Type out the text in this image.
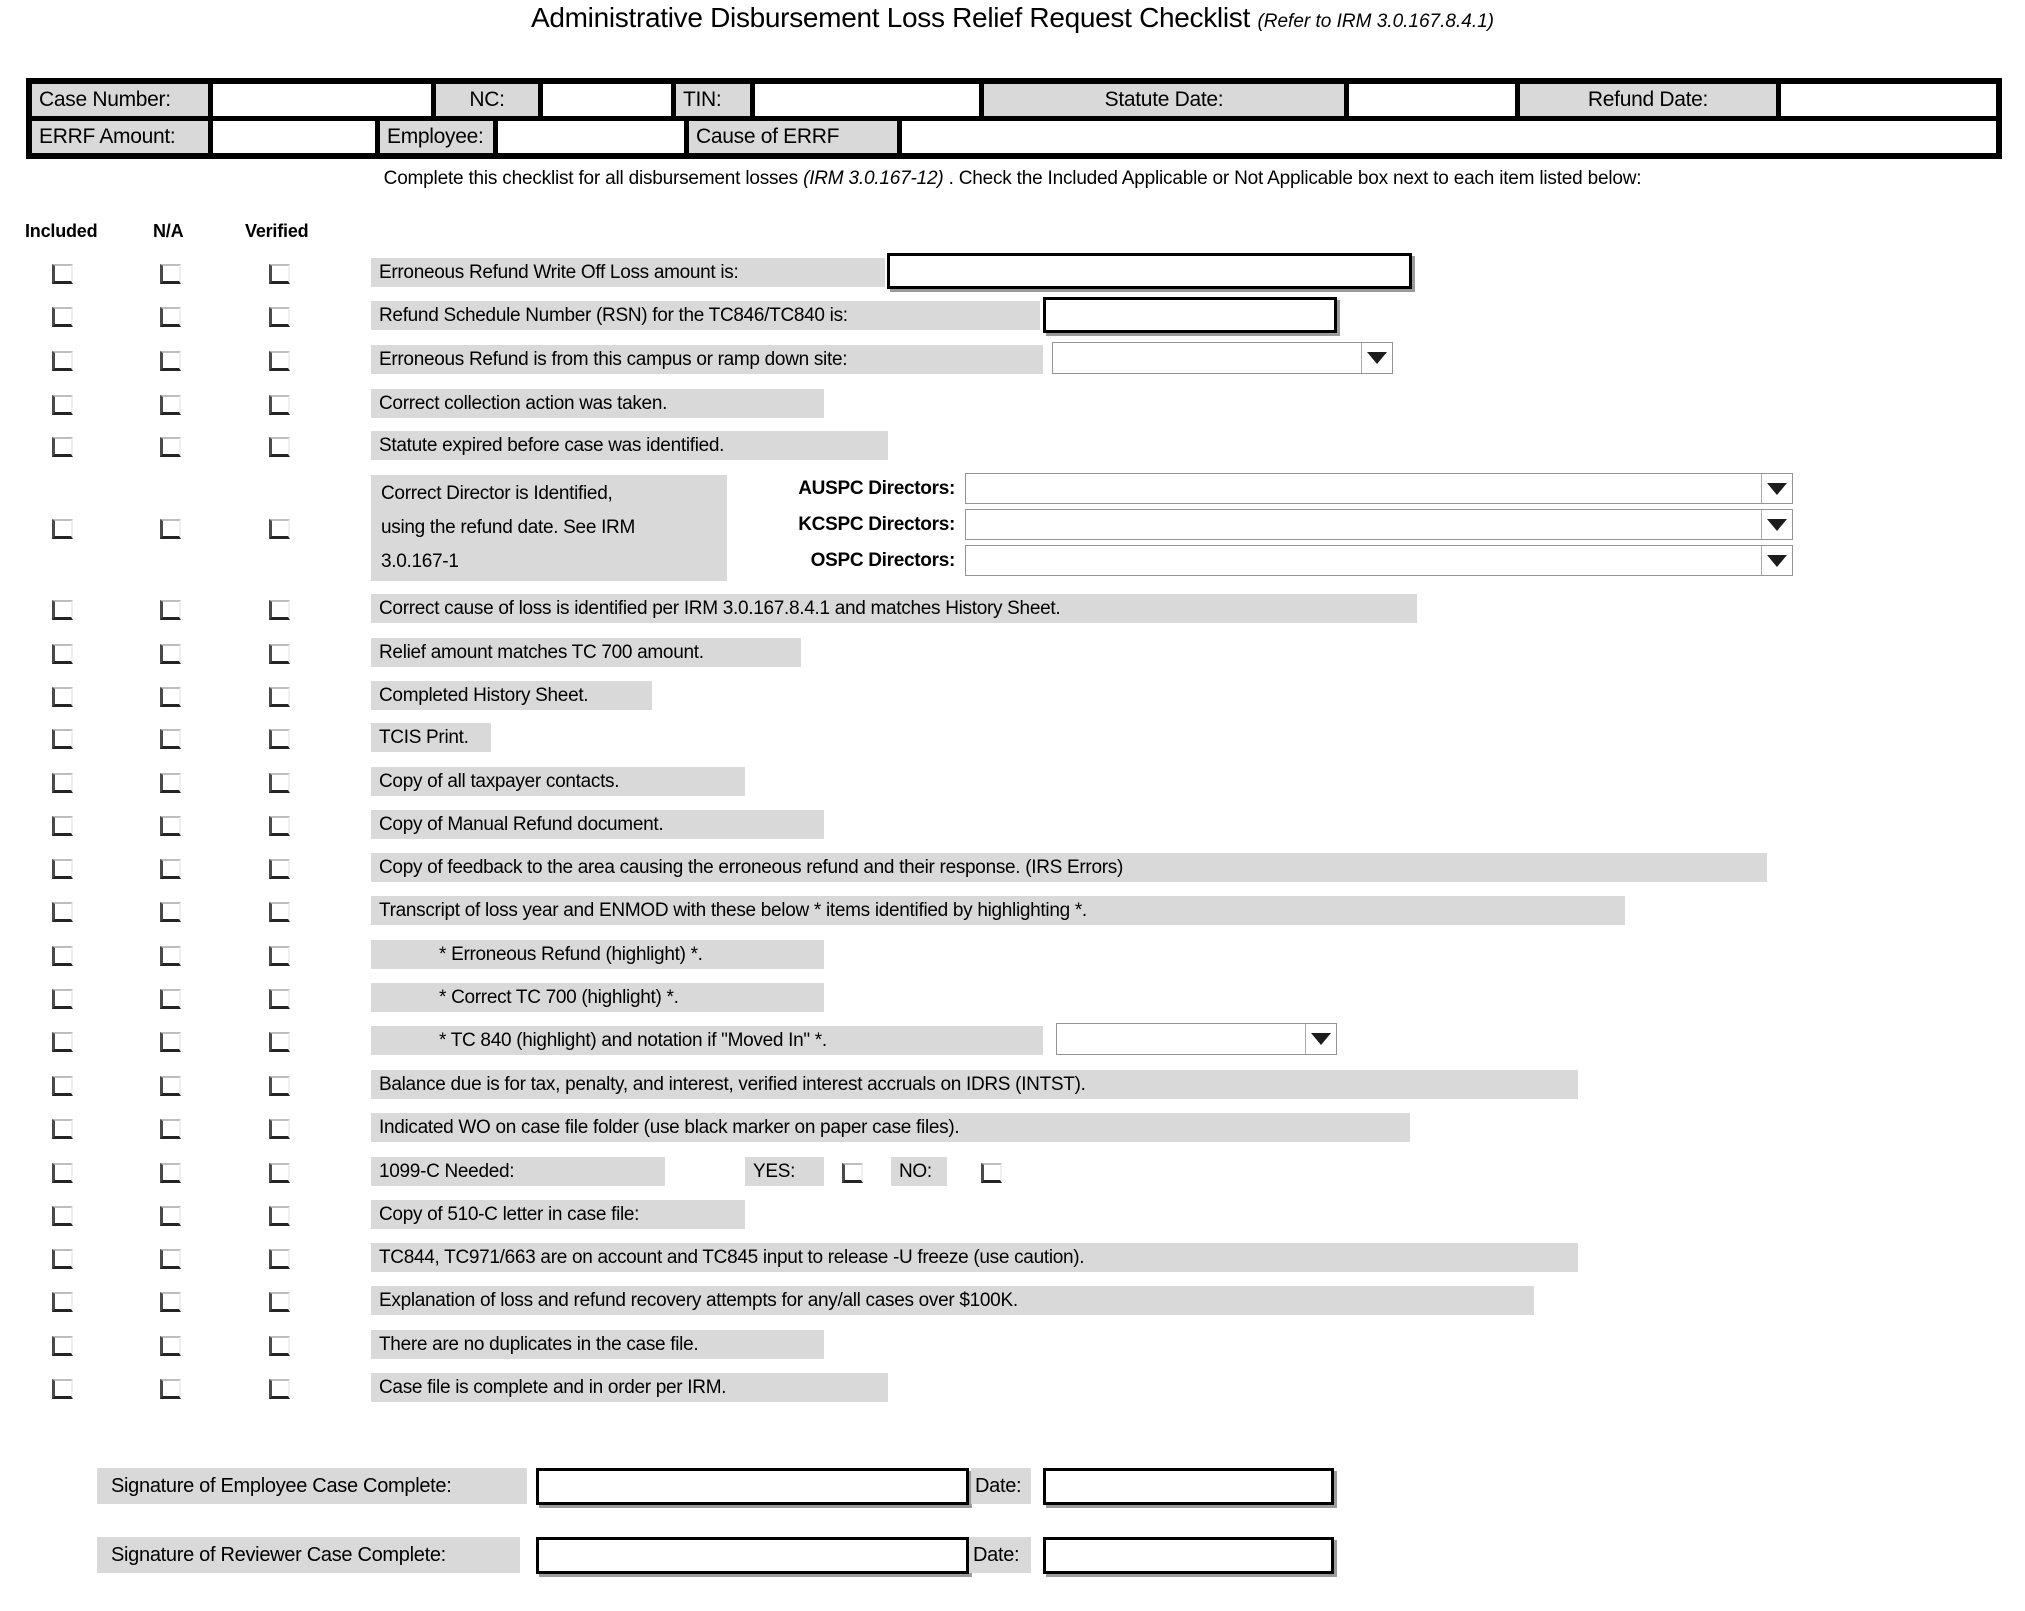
Administrative Disbursement Loss Relief Request Checklist (Refer to IRM 3.0.167.8.4.1)
Case Number:	NC:	TIN:	Statute Date:	Refund Date:
ERRF Amount:	Employee:	Cause of ERRF
Complete this checklist for all disbursement losses (IRM 3.0.167-12) . Check the Included Applicable or Not Applicable box next to each item listed below:
Included	N/A	Verified
Erroneous Refund Write Off Loss amount is:
Refund Schedule Number (RSN) for the TC846/TC840 is:
Erroneous Refund is from this campus or ramp down site:
Correct collection action was taken.
Statute expired before case was identified.
Correct Director is Identified,
using the refund date. See IRM
3.0.167-1
AUSPC Directors:
KCSPC Directors:
OSPC Directors:
Correct cause of loss is identified per IRM 3.0.167.8.4.1 and matches History Sheet.
Relief amount matches TC 700 amount.
Completed History Sheet.
TCIS Print.
Copy of all taxpayer contacts.
Copy of Manual Refund document.
Copy of feedback to the area causing the erroneous refund and their response. (IRS Errors)
Transcript of loss year and ENMOD with these below * items identified by highlighting *.
* Erroneous Refund (highlight) *.
* Correct TC 700 (highlight) *.
* TC 840 (highlight) and notation if "Moved In" *.
Balance due is for tax, penalty, and interest, verified interest accruals on IDRS (INTST).
Indicated WO on case file folder (use black marker on paper case files).
1099-C Needed:	YES:	NO:
Copy of 510-C letter in case file:
TC844, TC971/663 are on account and TC845 input to release -U freeze (use caution).
Explanation of loss and refund recovery attempts for any/all cases over $100K.
There are no duplicates in the case file.
Case file is complete and in order per IRM.
Signature of Employee Case Complete:	Date:
Signature of Reviewer Case Complete:	Date:
